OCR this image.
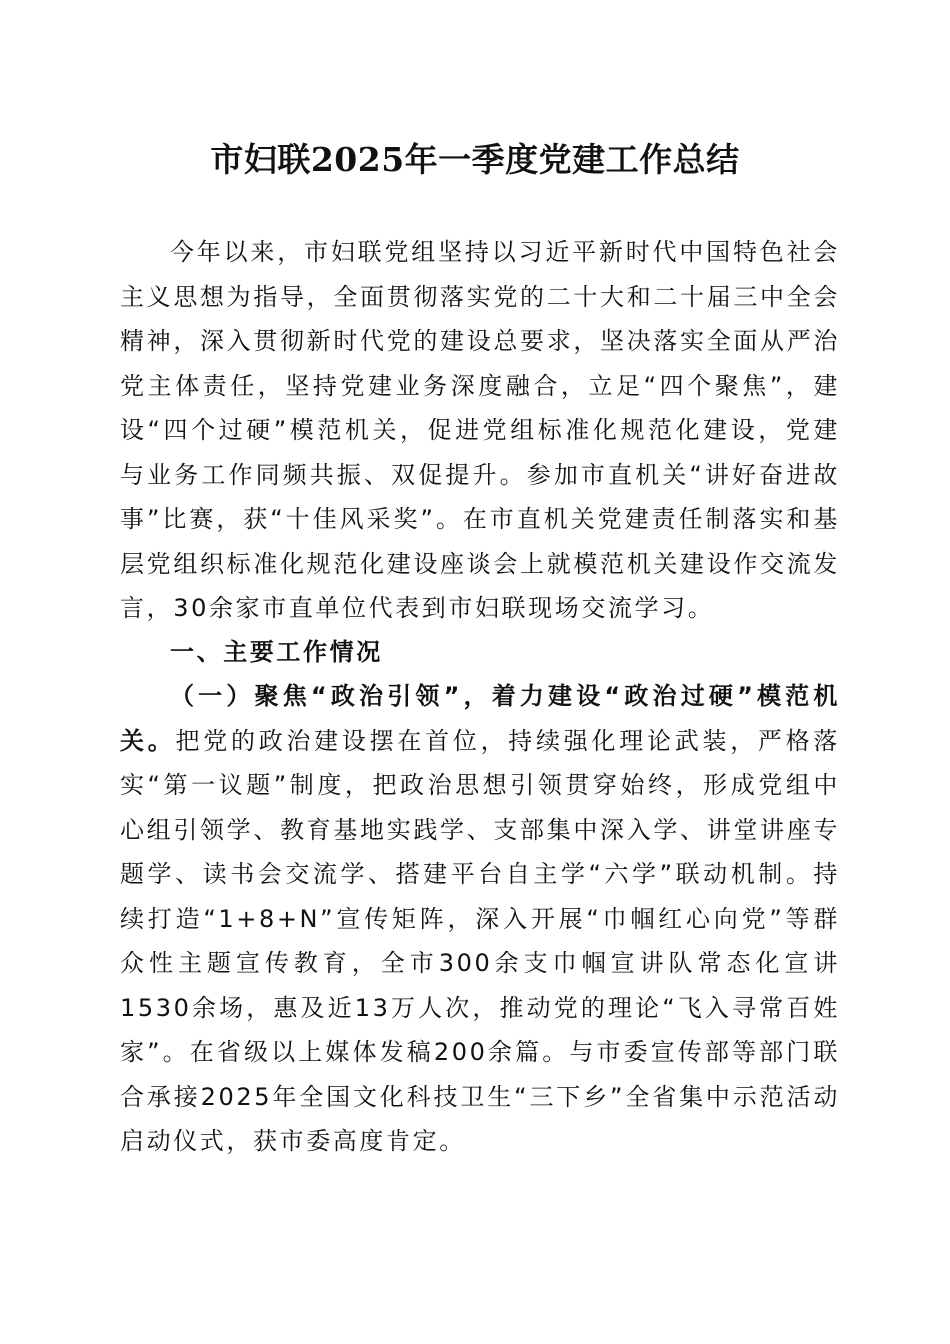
市妇联2025年一季度党建工作总结

今年以来，市妇联党组坚持以习近平新时代中国特色社会主义思想为指导，全面贯彻落实党的二十大和二十届三中全会精神，深入贯彻新时代党的建设总要求，坚决落实全面从严治党主体责任，坚持党建业务深度融合，立足“四个聚焦”，建设“四个过硬”模范机关，促进党组标准化规范化建设，党建与业务工作同频共振、双促提升。参加市直机关“讲好奋进故事”比赛，获“十佳风采奖”。在市直机关党建责任制落实和基层党组织标准化规范化建设座谈会上就模范机关建设作交流发言，30余家市直单位代表到市妇联现场交流学习。

一、主要工作情况

（一）聚焦“政治引领”，着力建设“政治过硬”模范机关。把党的政治建设摆在首位，持续强化理论武装，严格落实“第一议题”制度，把政治思想引领贯穿始终，形成党组中心组引领学、教育基地实践学、支部集中深入学、讲堂讲座专题学、读书会交流学、搭建平台自主学“六学”联动机制。持续打造“1+8+N”宣传矩阵，深入开展“巾帼红心向党”等群众性主题宣传教育，全市300余支巾帼宣讲队常态化宣讲1530余场，惠及近13万人次，推动党的理论“飞入寻常百姓家”。在省级以上媒体发稿200余篇。与市委宣传部等部门联合承接2025年全国文化科技卫生“三下乡”全省集中示范活动启动仪式，获市委高度肯定。
